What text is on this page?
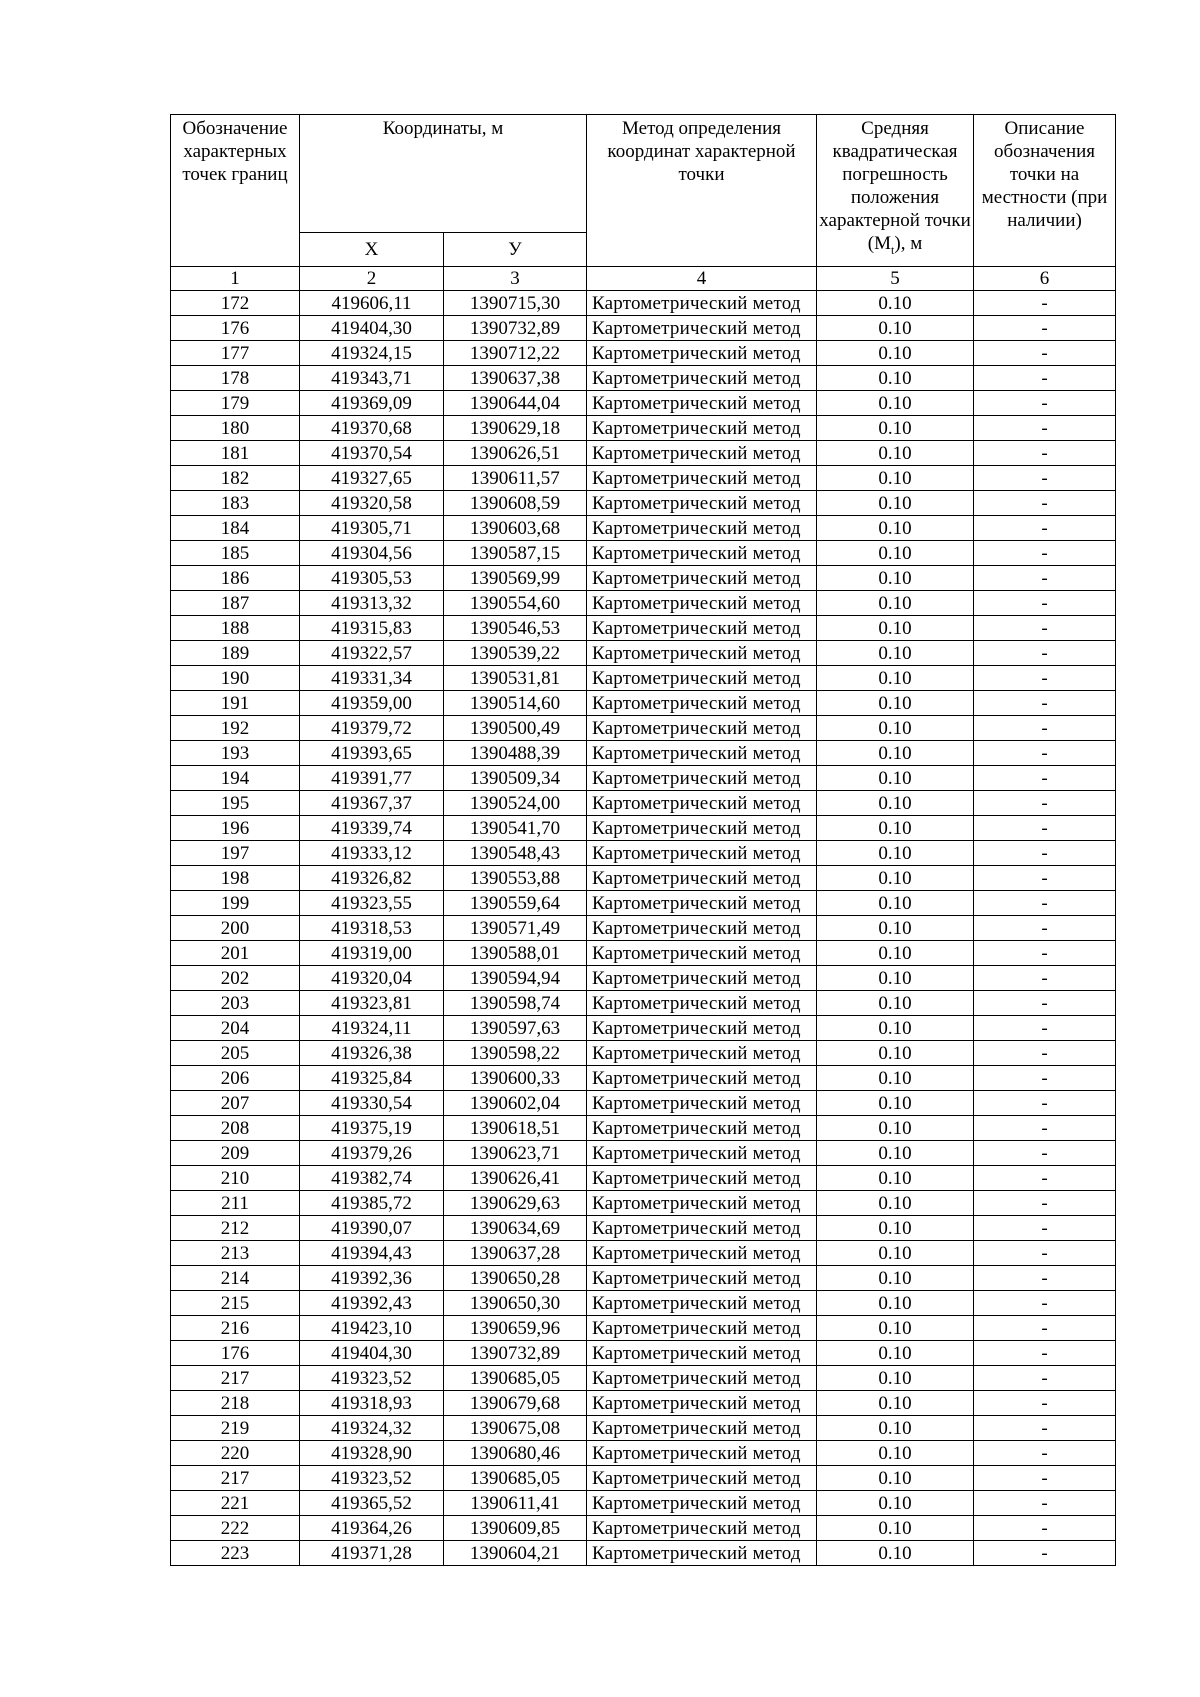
Обозначение характерных точек границ	Координаты, м		Метод определения координат характерной точки	Средняя квадратическая погрешность положения характерной точки $(M_t)$, м	Описание обозначения точки на местности (при наличии)
	X	У			
1	2	3	4	5	6
172	419606,11	1390715,30	Картометрический метод	0.10	-
176	419404,30	1390732,89	Картометрический метод	0.10	-
177	419324,15	1390712,22	Картометрический метод	0.10	-
178	419343,71	1390637,38	Картометрический метод	0.10	-
179	419369,09	1390644,04	Картометрический метод	0.10	-
180	419370,68	1390629,18	Картометрический метод	0.10	-
181	419370,54	1390626,51	Картометрический метод	0.10	-
182	419327,65	1390611,57	Картометрический метод	0.10	-
183	419320,58	1390608,59	Картометрический метод	0.10	-
184	419305,71	1390603,68	Картометрический метод	0.10	-
185	419304,56	1390587,15	Картометрический метод	0.10	-
186	419305,53	1390569,99	Картометрический метод	0.10	-
187	419313,32	1390554,60	Картометрический метод	0.10	-
188	419315,83	1390546,53	Картометрический метод	0.10	-
189	419322,57	1390539,22	Картометрический метод	0.10	-
190	419331,34	1390531,81	Картометрический метод	0.10	-
191	419359,00	1390514,60	Картометрический метод	0.10	-
192	419379,72	1390500,49	Картометрический метод	0.10	-
193	419393,65	1390488,39	Картометрический метод	0.10	-
194	419391,77	1390509,34	Картометрический метод	0.10	-
195	419367,37	1390524,00	Картометрический метод	0.10	-
196	419339,74	1390541,70	Картометрический метод	0.10	-
197	419333,12	1390548,43	Картометрический метод	0.10	-
198	419326,82	1390553,88	Картометрический метод	0.10	-
199	419323,55	1390559,64	Картометрический метод	0.10	-
200	419318,53	1390571,49	Картометрический метод	0.10	-
201	419319,00	1390588,01	Картометрический метод	0.10	-
202	419320,04	1390594,94	Картометрический метод	0.10	-
203	419323,81	1390598,74	Картометрический метод	0.10	-
204	419324,11	1390597,63	Картометрический метод	0.10	-
205	419326,38	1390598,22	Картометрический метод	0.10	-
206	419325,84	1390600,33	Картометрический метод	0.10	-
207	419330,54	1390602,04	Картометрический метод	0.10	-
208	419375,19	1390618,51	Картометрический метод	0.10	-
209	419379,26	1390623,71	Картометрический метод	0.10	-
210	419382,74	1390626,41	Картометрический метод	0.10	-
211	419385,72	1390629,63	Картометрический метод	0.10	-
212	419390,07	1390634,69	Картометрический метод	0.10	-
213	419394,43	1390637,28	Картометрический метод	0.10	-
214	419392,36	1390650,28	Картометрический метод	0.10	-
215	419392,43	1390650,30	Картометрический метод	0.10	-
216	419423,10	1390659,96	Картометрический метод	0.10	-
176	419404,30	1390732,89	Картометрический метод	0.10	-
217	419323,52	1390685,05	Картометрический метод	0.10	-
218	419318,93	1390679,68	Картометрический метод	0.10	-
219	419324,32	1390675,08	Картометрический метод	0.10	-
220	419328,90	1390680,46	Картометрический метод	0.10	-
217	419323,52	1390685,05	Картометрический метод	0.10	-
221	419365,52	1390611,41	Картометрический метод	0.10	-
222	419364,26	1390609,85	Картометрический метод	0.10	-
223	419371,28	1390604,21	Картометрический метод	0.10	-
